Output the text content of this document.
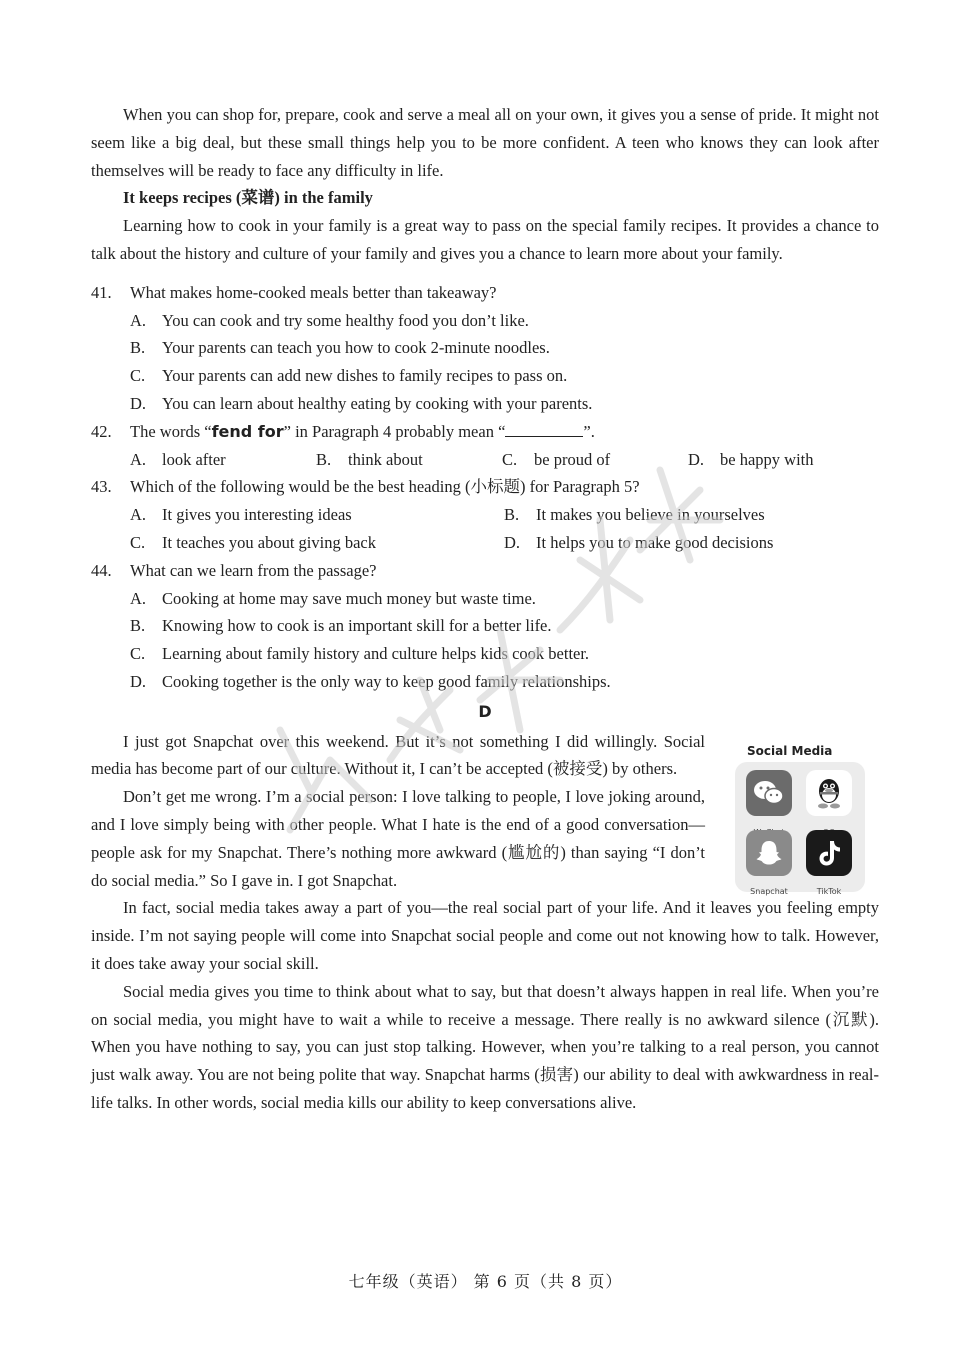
When you can shop for, prepare, cook and serve a meal all on your own, it gives you a sense of pride. It might not seem like a big deal, but these small things help you to be more confident. A teen who knows they can look after themselves will be ready to face any difficulty in life.

It keeps recipes (菜谱) in the family

Learning how to cook in your family is a great way to pass on the special family recipes. It provides a chance to talk about the history and culture of your family and gives you a chance to learn more about your family.

41.	What makes home-cooked meals better than takeaway?
A. You can cook and try some healthy food you don’t like.
B.	Your parents can teach you how to cook 2-minute noodles.
C.	Your parents can add new dishes to family recipes to pass on.
D. You can learn about healthy eating by cooking with your parents.
42.	The words “fend for” in Paragraph 4 probably mean “	”.
A. look after	B.	think about	C.	be proud of	D. be happy with
43.	Which of the following would be the best heading (小标题) for Paragraph 5?
A. It gives you interesting ideas	B.	It makes you believe in yourselves
C.	It teaches you about giving back	D. It helps you to make good decisions
44.	What can we learn from the passage?
A. Cooking at home may save much money but waste time.
B.	Knowing how to cook is an important skill for a better life.
C.	Learning about family history and culture helps kids cook better.
D. Cooking together is the only way to keep good family relationships.
D

I just got Snapchat over this weekend. But it’s not something I did willingly. Social media has become part of our culture. Without it, I can’t be accepted (被接受) by others.

Don’t get me wrong. I’m a social person: I love talking to people, I love joking around, and I love simply being with other people. What I hate is the end of a good conversation—people ask for my Snapchat. There’s nothing more awkward (尴尬的) than saying “I don’t do social media.” So I gave in. I got Snapchat.

Social Media
Snapchat	TikTok

In fact, social media takes away a part of you—the real social part of your life. And it leaves you feeling empty inside. I’m not saying people will come into Snapchat social people and come out not knowing how to talk. However, it does take away your social skill.

Social media gives you time to think about what to say, but that doesn’t always happen in real life. When you’re on social media, you might have to wait a while to receive a message. There really is no awkward silence (沉默). When you have nothing to say, you can just stop talking. However, when you’re talking to a real person, you cannot just walk away. You are not being polite that way. Snapchat harms (损害) our ability to deal with awkwardness in real-life talks. In other words, social media kills our ability to keep conversations alive.

七年级（英语） 第 6 页（共 8 页）
